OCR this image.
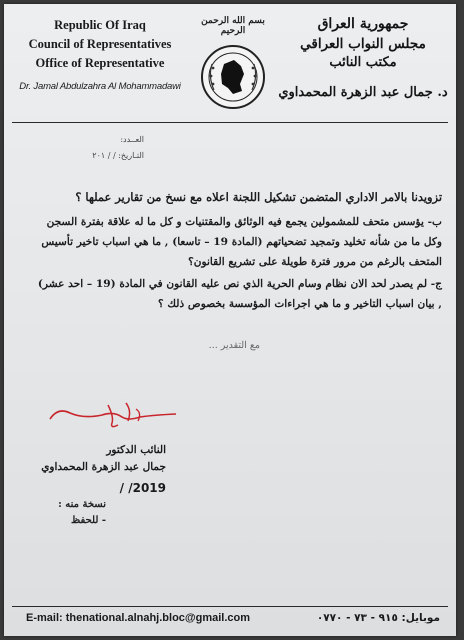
Republic Of Iraq
Council of Representatives
Office of Representative
Dr. Jamal Abdulzahra Al Mohammadawi
بسم الله الرحمن الرحيم	جمهورية العراق
مجلس النواب العراقي
مكتب النائب
د. جمال عبد الزهرة المحمداوي
العــدد:
التـاريخ: / / ٢٠١
تزويدنا بالامر الاداري المتضمن تشكيل اللجنة اعلاه مع نسخ من تقارير عملها ؟
ب- يؤسس متحف للمشمولين يجمع فيه الوثائق والمقتنيات و كل ما له علاقة بفترة السجن
وكل ما من شأنه تخليد وتمجيد تضحياتهم (المادة 19 – تاسعا) , ما هي اسباب تاخير تأسيس
المتحف بالرغم من مرور فترة طويلة على تشريع القانون؟
ج- لم يصدر لحد الان نظام وسام الحرية الذي نص عليه القانون في المادة (19 – احد عشر)
, بيان اسباب التاخير و ما هي اجراءات المؤسسة بخصوص ذلك ؟
مع التقدير ...
النائب الدكتور
جمال عبد الزهرة المحمداوي
2019/ /
نسخة منه :
- للحفظ
E-mail: thenational.alnahj.bloc@gmail.com	موبايل: ٩١٥ - ٧٣ - ٠٧٧٠
